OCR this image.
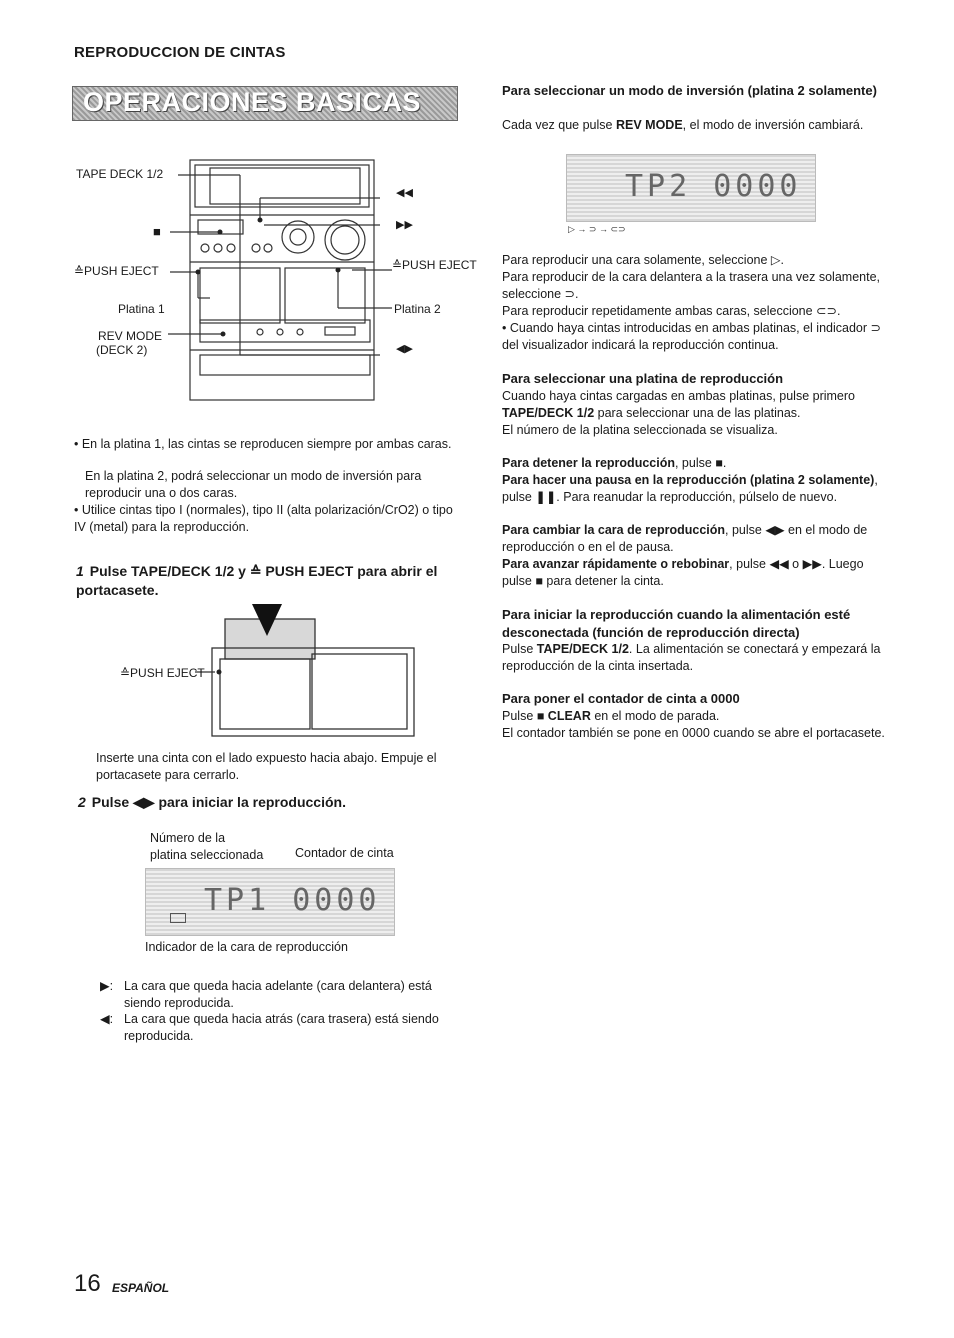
REPRODUCCION DE CINTAS
OPERACIONES BASICAS
TAPE DECK 1/2
■
≙PUSH EJECT
Platina 1
REV MODE
(DECK 2)
◀◀
▶▶
≙PUSH EJECT
Platina 2
◀▶
• En la platina 1, las cintas se reproducen siempre por ambas caras.
En la platina 2, podrá seleccionar un modo de inversión para reproducir una o dos caras.
• Utilice cintas tipo I (normales), tipo II (alta polarización/CrO2) o tipo IV (metal) para la reproducción.
1 Pulse TAPE/DECK 1/2 y ≙ PUSH EJECT para abrir el portacasete.
≙PUSH EJECT
Inserte una cinta con el lado expuesto hacia abajo. Empuje el portacasete para cerrarlo.
2 Pulse ◀▶ para iniciar la reproducción.
Número de la
platina seleccionada	Contador de cinta
TP1 0000
Indicador de la cara de reproducción
▶: La cara que queda hacia adelante (cara delantera) está siendo reproducida.
◀: La cara que queda hacia atrás (cara trasera) está siendo reproducida.
Para seleccionar un modo de inversión (platina 2 solamente)
Cada vez que pulse REV MODE, el modo de inversión cambiará.
TP2 0000
▷ → ⊃ → ⊂⊃
Para reproducir una cara solamente, seleccione ▷.
Para reproducir de la cara delantera a la trasera una vez solamente, seleccione ⊃.
Para reproducir repetidamente ambas caras, seleccione ⊂⊃.
• Cuando haya cintas introducidas en ambas platinas, el indicador ⊃ del visualizador indicará la reproducción continua.
Para seleccionar una platina de reproducción
Cuando haya cintas cargadas en ambas platinas, pulse primero TAPE/DECK 1/2 para seleccionar una de las platinas.
El número de la platina seleccionada se visualiza.
Para detener la reproducción, pulse ■.
Para hacer una pausa en la reproducción (platina 2 solamente), pulse ❚❚. Para reanudar la reproducción, púlselo de nuevo.
Para cambiar la cara de reproducción, pulse ◀▶ en el modo de reproducción o en el de pausa.
Para avanzar rápidamente o rebobinar, pulse ◀◀ o ▶▶. Luego pulse ■ para detener la cinta.
Para iniciar la reproducción cuando la alimentación esté desconectada (función de reproducción directa)
Pulse TAPE/DECK 1/2. La alimentación se conectará y empezará la reproducción de la cinta insertada.
Para poner el contador de cinta a 0000
Pulse ■ CLEAR en el modo de parada.
El contador también se pone en 0000 cuando se abre el portacasete.
16 ESPAÑOL
